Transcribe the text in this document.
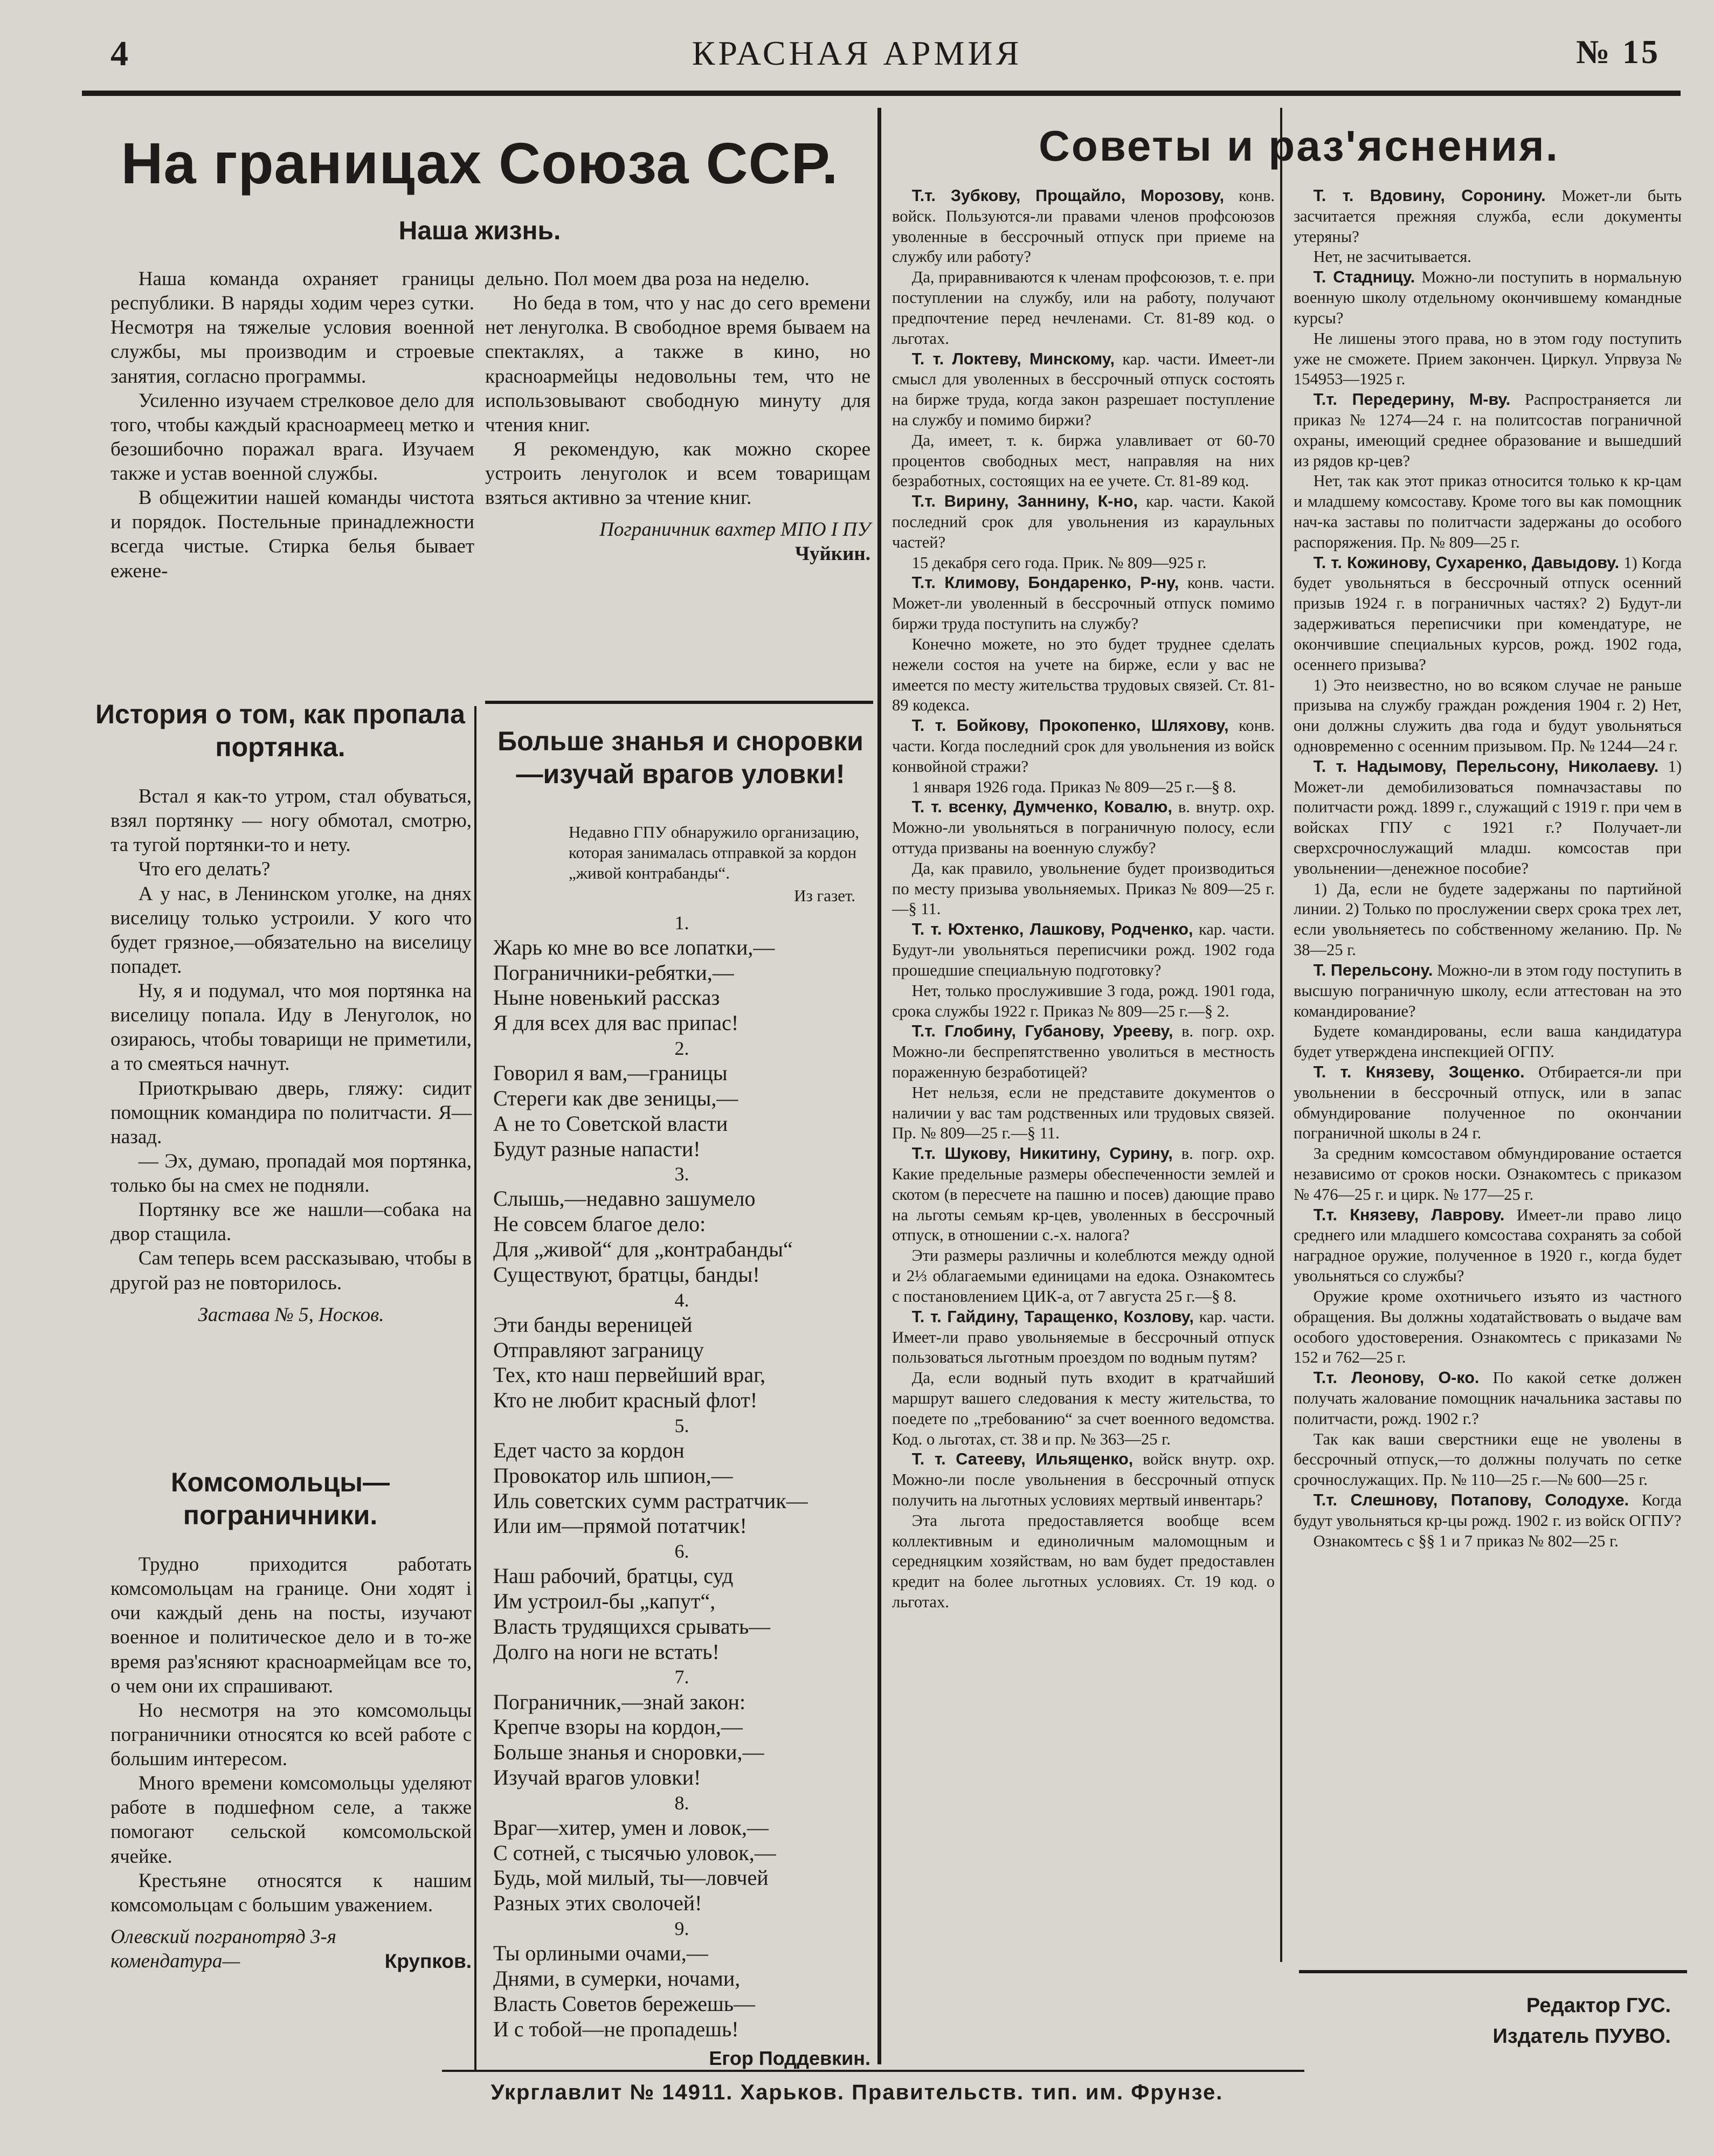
4	КРАСНАЯ АРМИЯ	№ 15
На границах Союза ССР.
Наша жизнь.

Наша команда охраняет границы республики. В наряды ходим через сутки. Несмотря на тяжелые условия военной службы, мы производим и строевые занятия, согласно программы.

Усиленно изучаем стрелковое дело для того, чтобы каждый красноармеец метко и безошибочно поражал врага. Изучаем также и устав военной службы.

В общежитии нашей команды чистота и порядок. Постельные принадлежности всегда чистые. Стирка белья бывает ежене-

дельно. Пол моем два роза на неделю.

Но беда в том, что у нас до сего времени нет ленуголка. В свободное время бываем на спектаклях, а также в кино, но красноармейцы недовольны тем, что не использовывают свободную минуту для чтения книг.

Я рекомендую, как можно скорее устроить ленуголок и всем товарищам взяться активно за чтение книг.

Пограничник вахтер МПО I ПУ
Чуйкин.
История о том, как пропала портянка.

Встал я как-то утром, стал обуваться, взял портянку — ногу обмотал, смотрю, та тугой портянки-то и нету.

Что его делать?

А у нас, в Ленинском уголке, на днях виселицу только устроили. У кого что будет грязное,—обязательно на виселицу попадет.

Ну, я и подумал, что моя портянка на виселицу попала. Иду в Ленуголок, но озираюсь, чтобы товарищи не приметили, а то смеяться начнут.

Приоткрываю дверь, гляжу: сидит помощник командира по политчасти. Я—назад.

— Эх, думаю, пропадай моя портянка, только бы на смех не подняли.

Портянку все же нашли—собака на двор стащила.

Сам теперь всем рассказываю, чтобы в другой раз не повторилось.

Застава № 5, Носков.
Комсомольцы—пограничники.

Трудно приходится работать комсомольцам на границе. Они ходят і очи каждый день на посты, изучают военное и политическое дело и в то-же время раз'ясняют красноармейцам все то, о чем они их спрашивают.

Но несмотря на это комсомольцы пограничники относятся ко всей работе с большим интересом.

Много времени комсомольцы уделяют работе в подшефном селе, а также помогают сельской комсомольской ячейке.

Крестьяне относятся к нашим комсомольцам с большим уважением.

Олевский погранотряд 3-я комендатура—	Крупков.
Больше знанья и сноровки —изучай врагов уловки!
Недавно ГПУ обнаружило организацию, которая занималась отправкой за кордон „живой контрабанды“.
Из газет.
1.
Жарь ко мне во все лопатки,—
Пограничники-ребятки,—
Ныне новенький рассказ
Я для всех для вас припас!
2.
Говорил я вам,—границы
Стереги как две зеницы,—
А не то Советской власти
Будут разные напасти!
3.
Слышь,—недавно зашумело
Не совсем благое дело:
Для „живой“ для „контрабанды“
Существуют, братцы, банды!
4.
Эти банды вереницей
Отправляют заграницу
Тех, кто наш первейший враг,
Кто не любит красный флот!
5.
Едет часто за кордон
Провокатор иль шпион,—
Иль советских сумм растратчик—
Или им—прямой потатчик!
6.
Наш рабочий, братцы, суд
Им устроил-бы „капут“,
Власть трудящихся срывать—
Долго на ноги не встать!
7.
Пограничник,—знай закон:
Крепче взоры на кордон,—
Больше знанья и сноровки,—
Изучай врагов уловки!
8.
Враг—хитер, умен и ловок,—
С сотней, с тысячью уловок,—
Будь, мой милый, ты—ловчей
Разных этих сволочей!
9.
Ты орлиными очами,—
Днями, в сумерки, ночами,
Власть Советов бережешь—
И с тобой—не пропадешь!
Егор Поддевкин.
Советы и раз'яснения.

Т.т. Зубкову, Прощайло, Морозову, конв. войск. Пользуются-ли правами членов профсоюзов уволенные в бессрочный отпуск при приеме на службу или работу?

Да, приравниваются к членам профсоюзов, т. е. при поступлении на службу, или на работу, получают предпочтение перед нечленами. Ст. 81-89 код. о льготах.

Т. т. Локтеву, Минскому, кар. части. Имеет-ли смысл для уволенных в бессрочный отпуск состоять на бирже труда, когда закон разрешает поступление на службу и помимо биржи?

Да, имеет, т. к. биржа улавливает от 60-70 процентов свободных мест, направляя на них безработных, состоящих на ее учете. Ст. 81-89 код.

Т.т. Вирину, Заннину, К-но, кар. части. Какой последний срок для увольнения из караульных частей?

15 декабря сего года. Прик. № 809—925 г.

Т.т. Климову, Бондаренко, Р-ну, конв. части. Может-ли уволенный в бессрочный отпуск помимо биржи труда поступить на службу?

Конечно можете, но это будет труднее сделать нежели состоя на учете на бирже, если у вас не имеется по месту жительства трудовых связей. Ст. 81-89 кодекса.

Т. т. Бойкову, Прокопенко, Шляхову, конв. части. Когда последний срок для увольнения из войск конвойной стражи?

1 января 1926 года. Приказ № 809—25 г.—§ 8.

Т. т. всенку, Думченко, Ковалю, в. внутр. охр. Можно-ли увольняться в пограничную полосу, если оттуда призваны на военную службу?

Да, как правило, увольнение будет производиться по месту призыва увольняемых. Приказ № 809—25 г.—§ 11.

Т. т. Юхтенко, Лашкову, Родченко, кар. части. Будут-ли увольняться переписчики рожд. 1902 года прошедшие специальную подготовку?

Нет, только прослужившие 3 года, рожд. 1901 года, срока службы 1922 г. Приказ № 809—25 г.—§ 2.

Т.т. Глобину, Губанову, Урееву, в. погр. охр. Можно-ли беспрепятственно уволиться в местность пораженную безработицей?

Нет нельзя, если не представите документов о наличии у вас там родственных или трудовых связей. Пр. № 809—25 г.—§ 11.

Т.т. Шукову, Никитину, Сурину, в. погр. охр. Какие предельные размеры обеспеченности землей и скотом (в пересчете на пашню и посев) дающие право на льготы семьям кр-цев, уволенных в бессрочный отпуск, в отношении с.-х. налога?

Эти размеры различны и колеблются между одной и 2⅓ облагаемыми единицами на едока. Ознакомтесь с постановлением ЦИК-а, от 7 августа 25 г.—§ 8.

Т. т. Гайдину, Таращенко, Козлову, кар. части. Имеет-ли право увольняемые в бессрочный отпуск пользоваться льготным проездом по водным путям?

Да, если водный путь входит в кратчайший маршрут вашего следования к месту жительства, то поедете по „требованию“ за счет военного ведомства. Код. о льготах, ст. 38 и пр. № 363—25 г.

Т. т. Сатееву, Ильященко, войск внутр. охр. Можно-ли после увольнения в бессрочный отпуск получить на льготных условиях мертвый инвентарь?

Эта льгота предоставляется вообще всем коллективным и единоличным маломощным и середняцким хозяйствам, но вам будет предоставлен кредит на более льготных условиях. Ст. 19 код. о льготах.

Т. т. Вдовину, Соронину. Может-ли быть засчитается прежняя служба, если документы утеряны?

Нет, не засчитывается.

Т. Стадницу. Можно-ли поступить в нормальную военную школу отдельному окончившему командные курсы?

Не лишены этого права, но в этом году поступить уже не сможете. Прием закончен. Циркул. Упрвуза № 154953—1925 г.

Т.т. Передерину, М-ву. Распространяется ли приказ № 1274—24 г. на политсостав пограничной охраны, имеющий среднее образование и вышедший из рядов кр-цев?

Нет, так как этот приказ относится только к кр-цам и младшему комсоставу. Кроме того вы как помощник нач-ка заставы по политчасти задержаны до особого распоряжения. Пр. № 809—25 г.

Т. т. Кожинову, Сухаренко, Давыдову. 1) Когда будет увольняться в бессрочный отпуск осенний призыв 1924 г. в пограничных частях? 2) Будут-ли задерживаться переписчики при комендатуре, не окончившие специальных курсов, рожд. 1902 года, осеннего призыва?

1) Это неизвестно, но во всяком случае не раньше призыва на службу граждан рождения 1904 г. 2) Нет, они должны служить два года и будут увольняться одновременно с осенним призывом. Пр. № 1244—24 г.

Т. т. Надымову, Перельсону, Николаеву. 1) Может-ли демобилизоваться помначзаставы по политчасти рожд. 1899 г., служащий с 1919 г. при чем в войсках ГПУ с 1921 г.? Получает-ли сверхсрочнослужащий младш. комсостав при увольнении—денежное пособие?

1) Да, если не будете задержаны по партийной линии. 2) Только по прослужении сверх срока трех лет, если увольняетесь по собственному желанию. Пр. № 38—25 г.

Т. Перельсону. Можно-ли в этом году поступить в высшую пограничную школу, если аттестован на это командирование?

Будете командированы, если ваша кандидатура будет утверждена инспекцией ОГПУ.

Т. т. Князеву, Зощенко. Отбирается-ли при увольнении в бессрочный отпуск, или в запас обмундирование полученное по окончании пограничной школы в 24 г.

За средним комсоставом обмундирование остается независимо от сроков носки. Ознакомтесь с приказом № 476—25 г. и цирк. № 177—25 г.

Т.т. Князеву, Лаврову. Имеет-ли право лицо среднего или младшего комсостава сохранять за собой наградное оружие, полученное в 1920 г., когда будет увольняться со службы?

Оружие кроме охотничьего изъято из частного обращения. Вы должны ходатайствовать о выдаче вам особого удостоверения. Ознакомтесь с приказами № 152 и 762—25 г.

Т.т. Леонову, О-ко. По какой сетке должен получать жалование помощник начальника заставы по политчасти, рожд. 1902 г.?

Так как ваши сверстники еще не уволены в бессрочный отпуск,—то должны получать по сетке срочнослужащих. Пр. № 110—25 г.—№ 600—25 г.

Т.т. Слешнову, Потапову, Солодухе. Когда будут увольняться кр-цы рожд. 1902 г. из войск ОГПУ?

Ознакомтесь с §§ 1 и 7 приказ № 802—25 г.

Редактор ГУС.
Издатель ПУУВО.
Укрглавлит № 14911. Харьков. Правительств. тип. им. Фрунзе.
